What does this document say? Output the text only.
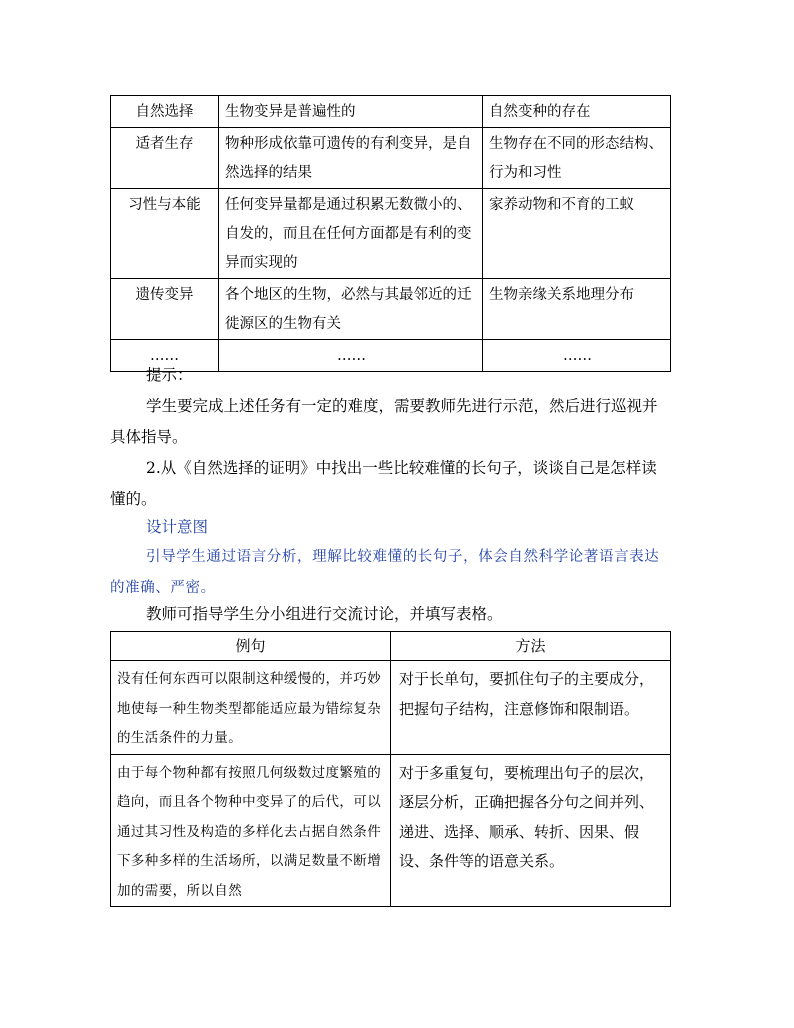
自然选择	生物变异是普遍性的	自然变种的存在
适者生存	物种形成依靠可遗传的有利变异，是自然选择的结果	生物存在不同的形态结构、行为和习性
习性与本能	任何变异量都是通过积累无数微小的、自发的，而且在任何方面都是有利的变异而实现的	家养动物和不育的工蚁
遗传变异	各个地区的生物，必然与其最邻近的迁徙源区的生物有关	生物亲缘关系地理分布
……	……	……
提示：
学生要完成上述任务有一定的难度，需要教师先进行示范，然后进行巡视并具体指导。
2.从《自然选择的证明》中找出一些比较难懂的长句子，谈谈自己是怎样读懂的。
设计意图
引导学生通过语言分析，理解比较难懂的长句子，体会自然科学论著语言表达的准确、严密。
教师可指导学生分小组进行交流讨论，并填写表格。
例句	方法
没有任何东西可以限制这种缓慢的，并巧妙地使每一种生物类型都能适应最为错综复杂的生活条件的力量。	对于长单句，要抓住句子的主要成分，把握句子结构，注意修饰和限制语。
由于每个物种都有按照几何级数过度繁殖的趋向，而且各个物种中变异了的后代，可以通过其习性及构造的多样化去占据自然条件下多种多样的生活场所，以满足数量不断增加的需要，所以自然	对于多重复句，要梳理出句子的层次，逐层分析，正确把握各分句之间并列、递进、选择、顺承、转折、因果、假设、条件等的语意关系。
